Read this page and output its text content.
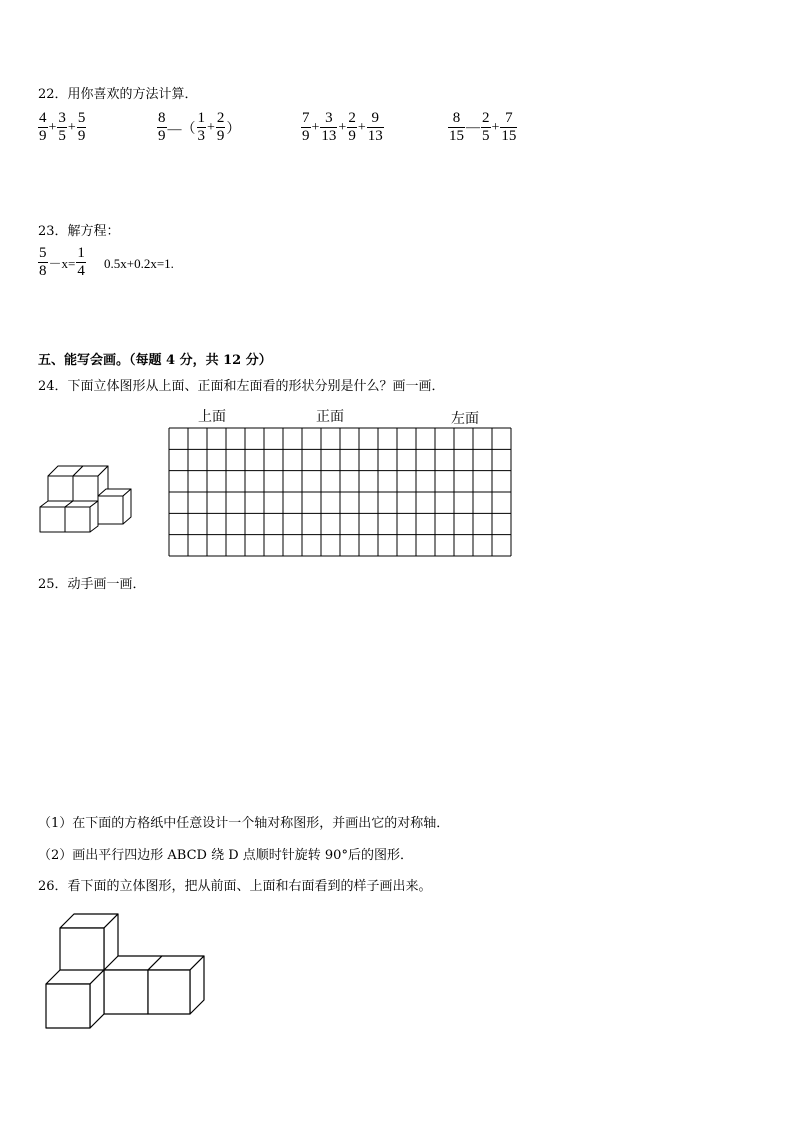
22．用你喜欢的方法计算．
$\frac{4}{9} + \frac{3}{5} + \frac{5}{9}$	$\frac{8}{9}$ —（ $\frac{1}{3} + \frac{2}{9}$ ）	$\frac{7}{9} + \frac{3}{13} + \frac{2}{9} + \frac{9}{13}$	$\frac{8}{15}$ — $\frac{2}{5} + \frac{7}{15}$
23．解方程：
$\frac{5}{8} -x= \frac{1}{4} 0.5x+0.2x=1$.
五、能写会画。（每题 4 分，共 12 分）
24．下面立体图形从上面、正面和左面看的形状分别是什么？画一画．
上面	正面	左面
25．动手画一画．
（1）在下面的方格纸中任意设计一个轴对称图形，并画出它的对称轴．
（2）画出平行四边形 ABCD 绕 D 点顺时针旋转 90°后的图形．
26．看下面的立体图形，把从前面、上面和右面看到的样子画出来。
